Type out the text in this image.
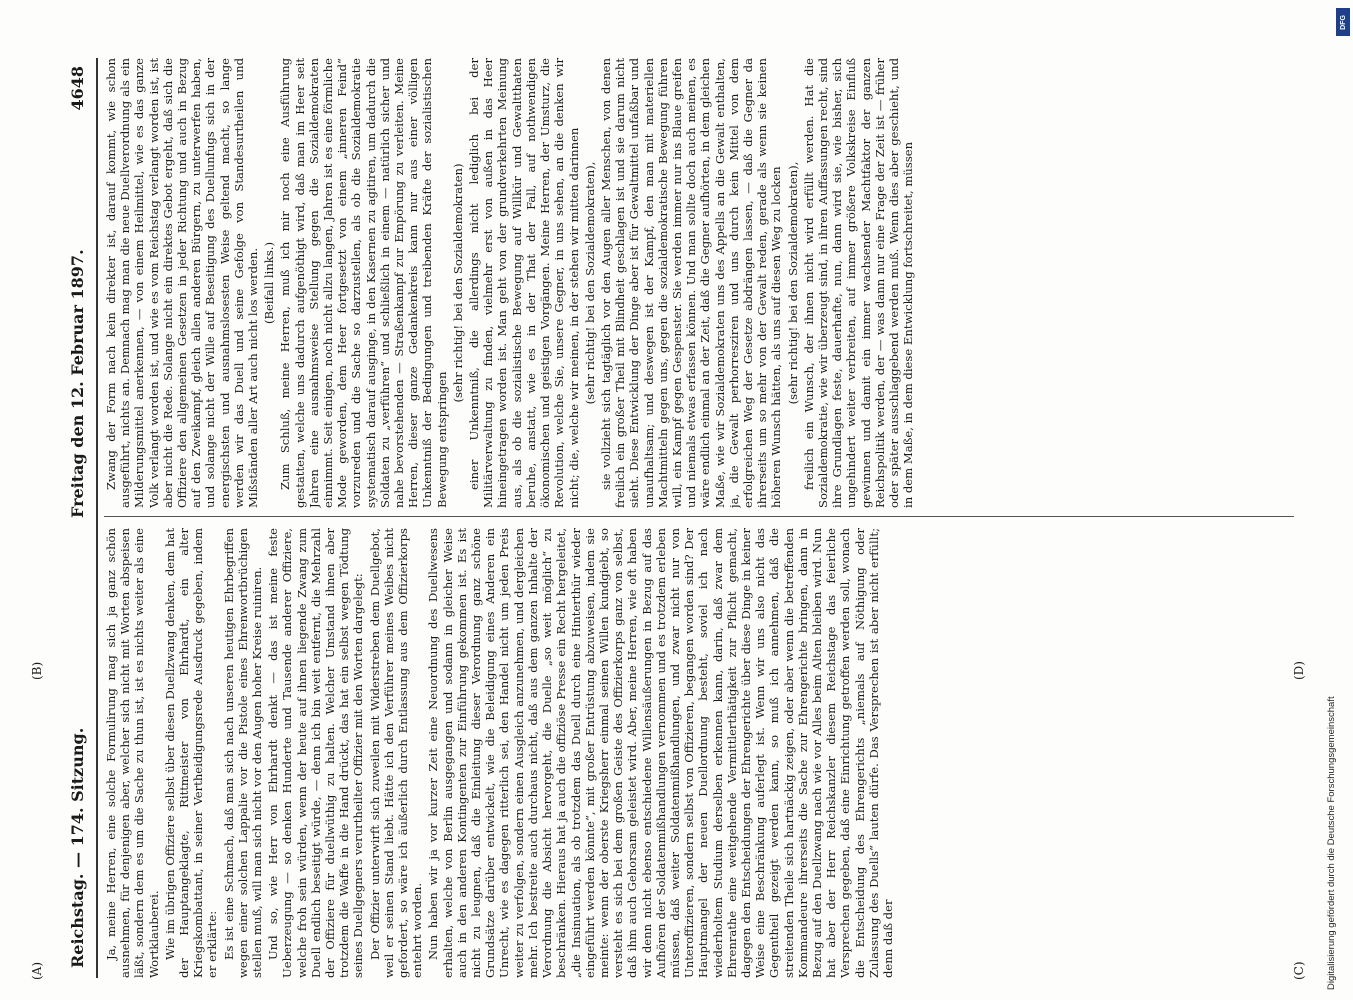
Reichstag. — 174. Sitzung.
Freitag den 12. Februar 1897.
4648

Ja, meine Herren, eine solche Formulirung mag sich ja ganz schön ausnehmen, für denjenigen aber, welcher sich nicht mit Worten abspeisen läßt, sondern dem es um die Sache zu thun ist, ist es nichts weiter als eine Wortklauberei. Wie im übrigen Offiziere selbst über diesen Duellzwang denken, dem hat der Hauptangeklagte, Rittmeister von Ehrhardt, ein alter Kriegskombattant, in seiner Vertheidigungsrede Ausdruck gegeben, indem er erklärte: Es ist eine Schmach, daß man sich nach unseren heutigen Ehrbegriffen wegen einer solchen Lappalie vor die Pistole eines Ehrenwortbrüchigen stellen muß, will man sich nicht vor den Augen hoher Kreise ruiniren. Und so, wie Herr von Ehrhardt denkt — das ist meine feste Ueberzeugung — so denken Hunderte und Tausende anderer Offiziere, welche froh sein würden, wenn der heute auf ihnen liegende Zwang zum Duell endlich beseitigt würde, — denn ich bin weit entfernt, die Mehrzahl der Offiziere für duellwüthig zu halten. Welcher Umstand ihnen aber trotzdem die Waffe in die Hand drückt, das hat ein selbst wegen Tödtung seines Duellgegners verurtheilter Offizier mit den Worten dargelegt: Der Offizier unterwirft sich zuweilen mit Widerstreben dem Duellgebot, weil er seinen Stand liebt. Hätte ich den Verführer meines Weibes nicht gefordert, so wäre ich äußerlich durch Entlassung aus dem Offizierkorps entehrt worden. Nun haben wir ja vor kurzer Zeit eine Neuordnung des Duellwesens erhalten, welche von Berlin ausgegangen und sodann in gleicher Weise auch in den anderen Kontingenten zur Einführung gekommen ist. Es ist nicht zu leugnen, daß die Einleitung dieser Verordnung ganz schöne Grundsätze darüber entwickelt, wie die Beleidigung eines Anderen ein Unrecht, wie es dagegen ritterlich sei, den Handel nicht um jeden Preis weiter zu verfolgen, sondern einen Ausgleich anzunehmen, und dergleichen mehr. Ich bestreite auch durchaus nicht, daß aus dem ganzen Inhalte der Verordnung die Absicht hervorgeht, die Duelle „so weit möglich“ zu beschränken. Hieraus hat ja auch die offiziöse Presse ein Recht hergeleitet, „die Insinuation, als ob trotzdem das Duell durch eine Hinterthür wieder eingeführt werden könnte“, mit großer Entrüstung abzuweisen, indem sie meinte: wenn der oberste Kriegsherr einmal seinen Willen kundgiebt, so versteht es sich bei dem großen Geiste des Offizierkorps ganz von selbst, daß ihm auch Gehorsam geleistet wird. Aber, meine Herren, wie oft haben wir denn nicht ebenso entschiedene Willensäußerungen in Bezug auf das Aufhören der Soldatenmißhandlungen vernommen und es trotzdem erleben müssen, daß weiter Soldatenmißhandlungen, und zwar nicht nur von Unteroffizieren, sondern selbst von Offizieren, begangen worden sind? Der Hauptmangel der neuen Duellordnung besteht, soviel ich nach wiederholtem Studium derselben erkennen kann, darin, daß zwar dem Ehrenrathe eine weitgehende Vermittlerthätigkeit zur Pflicht gemacht, dagegen den Entscheidungen der Ehrengerichte über diese Dinge in keiner Weise eine Beschränkung auferlegt ist. Wenn wir uns also nicht das Gegentheil gezeigt werden kann, so muß ich annehmen, daß die streitenden Theile sich hartnäckig zeigen, oder aber wenn die betreffenden Kommandeure ihrerseits die Sache zur Ehrengerichte bringen, dann in Bezug auf den Duellzwang nach wie vor Alles beim Alten bleiben wird. Nun hat aber der Herr Reichskanzler diesem Reichstage das feierliche Versprechen gegeben, daß eine Einrichtung getroffen werden soll, wonach die Entscheidung des Ehrengerichts „niemals auf Nöthigung oder Zulassung des Duells“ lauten dürfe. Das Versprechen ist aber nicht erfüllt; denn daß der

Zwang der Form nach kein direkter ist, darauf kommt, wie schon ausgeführt, nichts an. Demnach mag man die neue Duellverordnung als ein Milderungsmittel anerkennen, — von einem Heilmittel, wie es das ganze Volk verlangt worden ist, und wie es vom Reichstag verlangt worden ist, ist aber nicht die Rede. Solange nicht ein direktes Gebot ergeht, daß sich die Offiziere den allgemeinen Gesetzen in jeder Richtung und auch in Bezug auf den Zweikampf, gleich allen anderen Bürgern, zu unterwerfen haben, und solange nicht der Wille auf Beseitigung des Duellunfugs sich in der energischsten und ausnahmslosesten Weise geltend macht, so lange werden wir das Duell und seine Gefolge von Standesurtheilen und Mißständen aller Art auch nicht los werden. (Beifall links.) Zum Schluß, meine Herren, muß ich mir noch eine Ausführung gestatten, welche uns dadurch aufgenöthigt wird, daß man im Heer seit Jahren eine ausnahmsweise Stellung gegen die Sozialdemokraten einnimmt. Seit einigen, noch nicht allzu langen, Jahren ist es eine förmliche Mode geworden, dem Heer fortgesetzt von einem „inneren Feind“ vorzureden und die Sache so darzustellen, als ob die Sozialdemokratie systematisch darauf ausginge, in den Kasernen zu agitiren, um dadurch die Soldaten zu „verführen“ und schließlich in einem — natürlich sicher und nahe bevorstehenden — Straßenkampf zur Empörung zu verleiten. Meine Herren, dieser ganze Gedankenkreis kann nur aus einer völligen Unkenntniß der Bedingungen und treibenden Kräfte der sozialistischen Bewegung entspringen

(sehr richtig! bei den Sozialdemokraten) einer Unkenntniß, die allerdings nicht lediglich bei der Militärverwaltung zu finden, vielmehr erst von außen in das Heer hineingetragen worden ist. Man geht von der grundverkehrten Meinung aus, als ob die sozialistische Bewegung auf Willkür und Gewaltthaten beruhe, anstatt, wie es in der That der Fall, auf nothwendigen ökonomischen und geistigen Vorgängen. Meine Herren, der Umsturz, die Revolution, welche Sie, unsere Gegner, in uns sehen, an die denken wir nicht; die, welche wir meinen, in der stehen wir mitten darinnen (sehr richtig! bei den Sozialdemokraten), sie vollzieht sich tagtäglich vor den Augen aller Menschen, von denen freilich ein großer Theil mit Blindheit geschlagen ist und sie darum nicht sieht. Diese Entwicklung der Dinge aber ist für Gewaltmittel unfaßbar und unaufhaltsam; und deswegen ist der Kampf, den man mit materiellen Machtmitteln gegen uns, gegen die sozialdemokratische Bewegung führen will, ein Kampf gegen Gespenster. Sie werden immer nur ins Blaue greifen und niemals etwas erfassen können. Und man sollte doch auch meinen, es wäre endlich einmal an der Zeit, daß die Gegner aufhörten, in dem gleichen Maße, wie wir Sozialdemokraten uns des Appells an die Gewalt enthalten, ja, die Gewalt perhorresziren und uns durch kein Mittel von dem erfolgreichen Weg der Gesetze abdrängen lassen, — daß die Gegner da ihrerseits um so mehr von der Gewalt reden, gerade als wenn sie keinen höheren Wunsch hätten, als uns auf diesen Weg zu locken (sehr richtig! bei den Sozialdemokraten), freilich ein Wunsch, der ihnen nicht wird erfüllt werden. Hat die Sozialdemokratie, wie wir überzeugt sind, in ihren Auffassungen recht, sind ihre Grundlagen feste, dauerhafte, nun, dann wird sie, wie bisher, sich ungehindert weiter verbreiten, auf immer größere Volkskreise Einfluß gewinnen und damit ein immer wachsender Machtfaktor der ganzen Reichspolitik werden, der — was dann nur eine Frage der Zeit ist — früher oder später ausschlaggebend werden muß. Wenn dies aber geschieht, und in dem Maße, in dem diese Entwicklung fortschreitet, müssen

(A)
(B)
(C)
(D)
Digitalisierung gefördert durch die Deutsche Forschungsgemeinschaft
DFG
